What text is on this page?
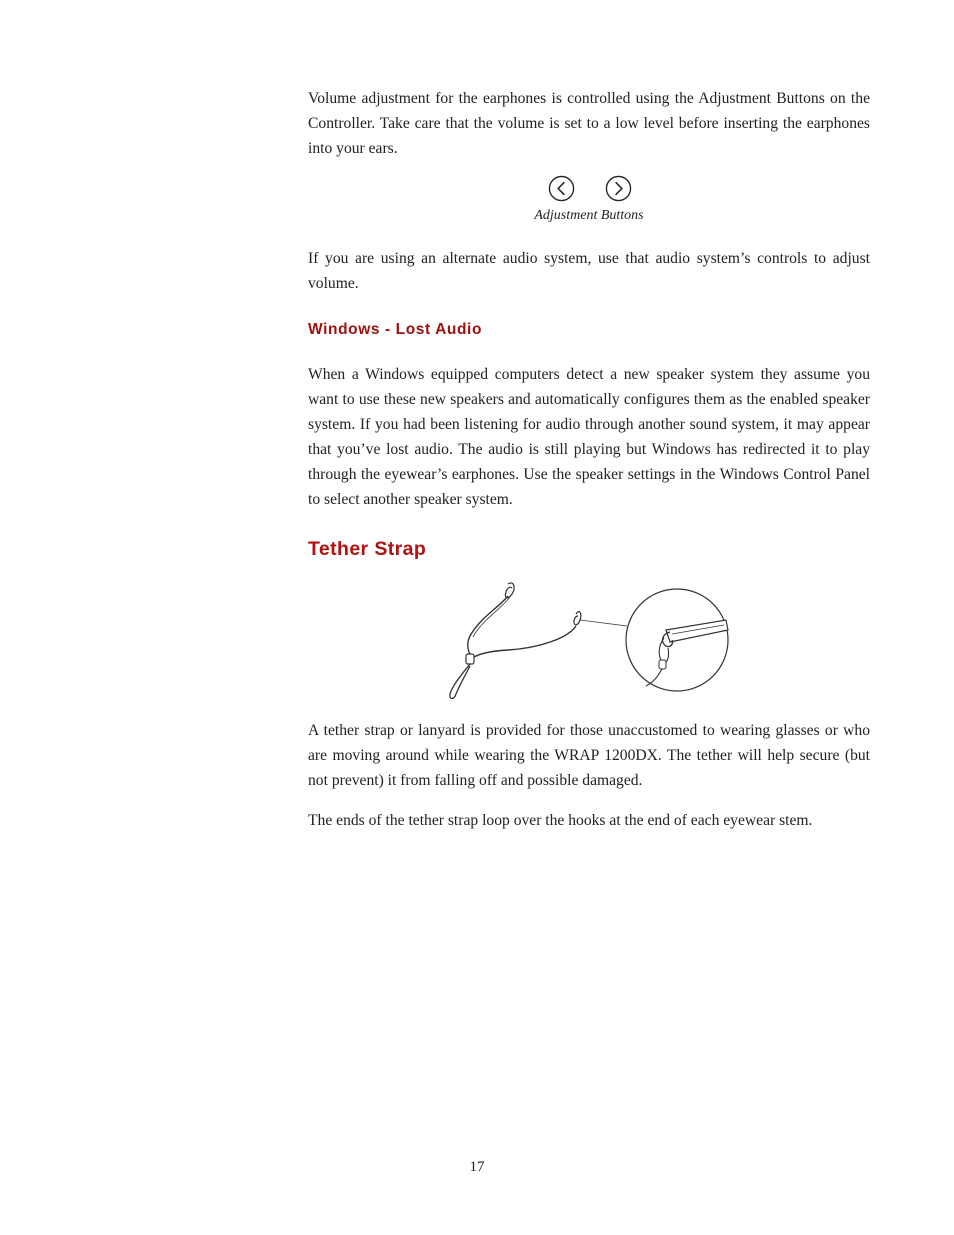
Volume adjustment for the earphones is controlled using the Adjustment Buttons on the Controller. Take care that the volume is set to a low level before inserting the earphones into your ears.

Adjustment Buttons

If you are using an alternate audio system, use that audio system’s controls to adjust volume.

Windows - Lost Audio

When a Windows equipped computers detect a new speaker system they assume you want to use these new speakers and automatically configures them as the enabled speaker system. If you had been listening for audio through another sound system, it may appear that you’ve lost audio. The audio is still playing but Windows has redirected it to play through the eyewear’s earphones. Use the speaker settings in the Windows Control Panel to select another speaker system.

Tether Strap

A tether strap or lanyard is provided for those unaccustomed to wearing glasses or who are moving around while wearing the WRAP 1200DX. The tether will help secure (but not prevent) it from falling off and possible damaged.

The ends of the tether strap loop over the hooks at the end of each eyewear stem.

17
